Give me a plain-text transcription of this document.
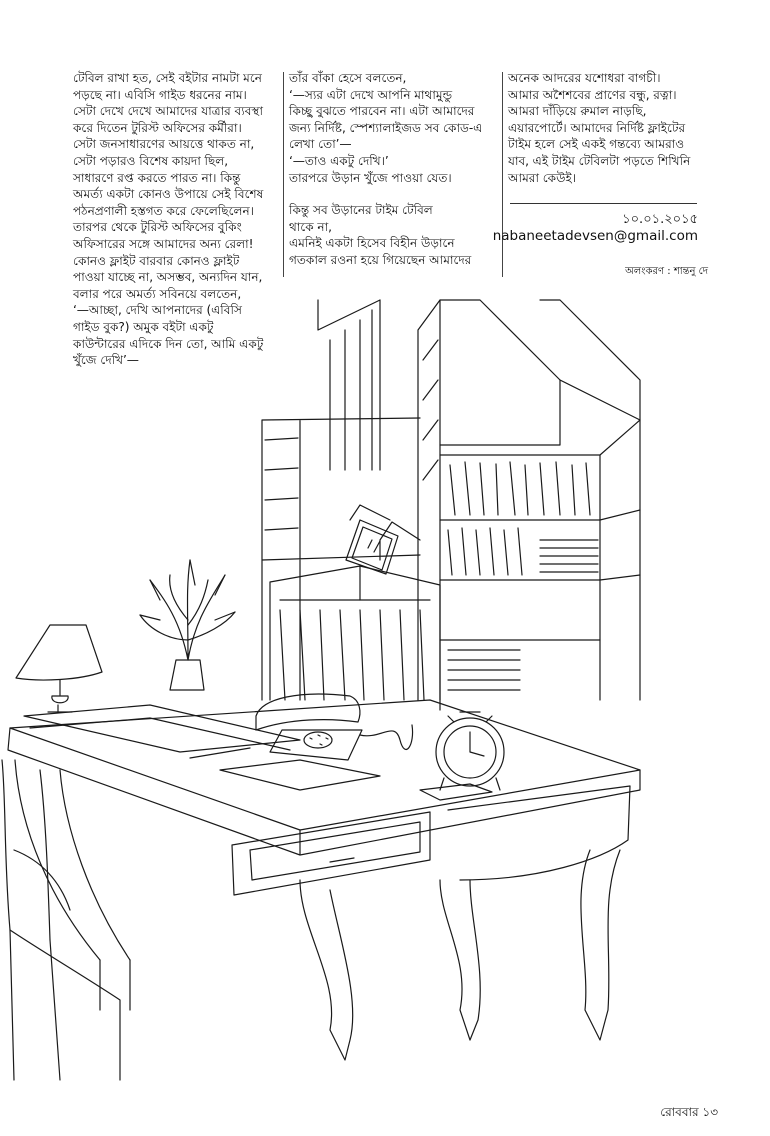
টেবিল রাখা হত, সেই বইটার নামটা মনে

পড়ছে না। এবিসি গাইড ধরনের নাম।

সেটা দেখে দেখে আমাদের যাত্রার ব্যবস্থা

করে দিতেন টুরিস্ট অফিসের কর্মীরা।

সেটা জনসাধারণের আয়ত্তে থাকত না,

সেটা পড়ারও বিশেষ কায়দা ছিল,

সাধারণে রপ্ত করতে পারত না। কিন্তু

অমর্ত্য একটা কোনও উপায়ে সেই বিশেষ

পঠনপ্রণালী হস্তগত করে ফেলেছিলেন।

তারপর থেকে টুরিস্ট অফিসের বুকিং

অফিসারের সঙ্গে আমাদের অন্য রেলা!

কোনও ফ্লাইট বারবার কোনও ফ্লাইট

পাওয়া যাচ্ছে না, অসম্ভব, অন্যদিন যান,

বলার পরে অমর্ত্য সবিনয়ে বলতেন,

‘—আচ্ছা, দেখি আপনাদের (এবিসি

গাইড বুক?) অমুক বইটা একটু

কাউন্টারের এদিকে দিন তো, আমি একটু

খুঁজে দেখি’—

তাঁর বাঁকা হেসে বলতেন,

‘—স্যর এটা দেখে আপনি মাথামুন্ডু

কিচ্ছু বুঝতে পারবেন না। এটা আমাদের

জন্য নির্দিষ্ট, স্পেশ্যালাইজড সব কোড-এ

লেখা তো’—

‘—তাও একটু দেখি।’

তারপরে উড়ান খুঁজে পাওয়া যেত।

কিন্তু সব উড়ানের টাইম টেবিল

থাকে না,

এমনিই একটা হিসেব বিহীন উড়ানে

গতকাল রওনা হয়ে গিয়েছেন আমাদের

অনেক আদরের যশোধরা বাগচী।

আমার অশৈশবের প্রাণের বন্ধু, রত্না।

আমরা দাঁড়িয়ে রুমাল নাড়ছি,

এয়ারপোর্টে। আমাদের নির্দিষ্ট ফ্লাইটের

টাইম হলে সেই একই গন্তব্যে আমরাও

যাব, এই টাইম টেবিলটা পড়তে শিখিনি

আমরা কেউই।

১০.০১.২০১৫
nabaneetadevsen@gmail.com
অলংকরণ : শান্তনু দে
রোববার ১৩
